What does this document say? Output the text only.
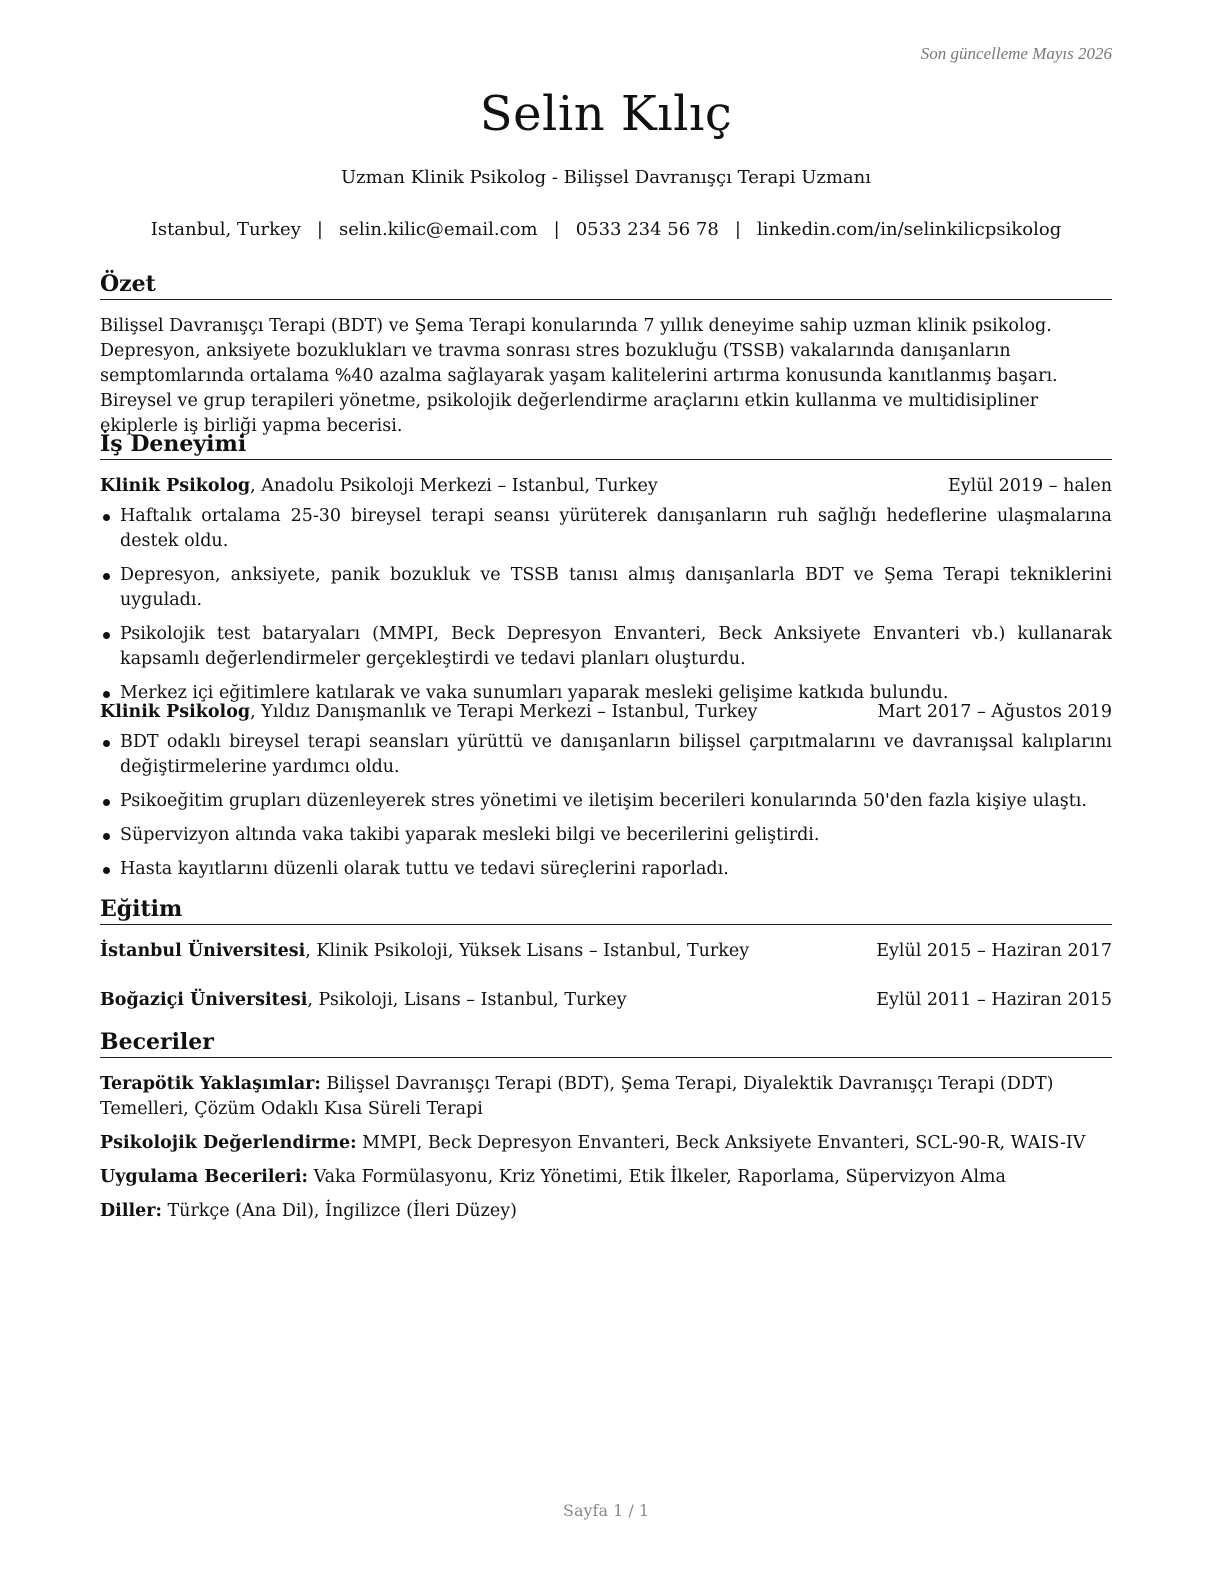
Son güncelleme Mayıs 2026
Selin Kılıç
Uzman Klinik Psikolog - Bilişsel Davranışçı Terapi Uzmanı
Istanbul, Turkey | selin.kilic@email.com | 0533 234 56 78 | linkedin.com/in/selinkilicpsikolog
Özet

Bilişsel Davranışçı Terapi (BDT) ve Şema Terapi konularında 7 yıllık deneyime sahip uzman klinik psikolog. Depresyon, anksiyete bozuklukları ve travma sonrası stres bozukluğu (TSSB) vakalarında danışanların semptomlarında ortalama %40 azalma sağlayarak yaşam kalitelerini artırma konusunda kanıtlanmış başarı. Bireysel ve grup terapileri yönetme, psikolojik değerlendirme araçlarını etkin kullanma ve multidisipliner ekiplerle iş birliği yapma becerisi.

İş Deneyimi
Klinik Psikolog, Anadolu Psikoloji Merkezi – Istanbul, Turkey	Eylül 2019 – halen
Haftalık ortalama 25-30 bireysel terapi seansı yürüterek danışanların ruh sağlığı hedeflerine ulaşmalarına destek oldu.
Depresyon, anksiyete, panik bozukluk ve TSSB tanısı almış danışanlarla BDT ve Şema Terapi tekniklerini uyguladı.
Psikolojik test bataryaları (MMPI, Beck Depresyon Envanteri, Beck Anksiyete Envanteri vb.) kullanarak kapsamlı değerlendirmeler gerçekleştirdi ve tedavi planları oluşturdu.
Merkez içi eğitimlere katılarak ve vaka sunumları yaparak mesleki gelişime katkıda bulundu.
Klinik Psikolog, Yıldız Danışmanlık ve Terapi Merkezi – Istanbul, Turkey	Mart 2017 – Ağustos 2019
BDT odaklı bireysel terapi seansları yürüttü ve danışanların bilişsel çarpıtmalarını ve davranışsal kalıplarını değiştirmelerine yardımcı oldu.
Psikoeğitim grupları düzenleyerek stres yönetimi ve iletişim becerileri konularında 50'den fazla kişiye ulaştı.
Süpervizyon altında vaka takibi yaparak mesleki bilgi ve becerilerini geliştirdi.
Hasta kayıtlarını düzenli olarak tuttu ve tedavi süreçlerini raporladı.
Eğitim
İstanbul Üniversitesi, Klinik Psikoloji, Yüksek Lisans – Istanbul, Turkey	Eylül 2015 – Haziran 2017
Boğaziçi Üniversitesi, Psikoloji, Lisans – Istanbul, Turkey	Eylül 2011 – Haziran 2015
Beceriler
Terapötik Yaklaşımlar: Bilişsel Davranışçı Terapi (BDT), Şema Terapi, Diyalektik Davranışçı Terapi (DDT) Temelleri, Çözüm Odaklı Kısa Süreli Terapi
Psikolojik Değerlendirme: MMPI, Beck Depresyon Envanteri, Beck Anksiyete Envanteri, SCL-90-R, WAIS-IV
Uygulama Becerileri: Vaka Formülasyonu, Kriz Yönetimi, Etik İlkeler, Raporlama, Süpervizyon Alma
Diller: Türkçe (Ana Dil), İngilizce (İleri Düzey)
Sayfa 1 / 1
